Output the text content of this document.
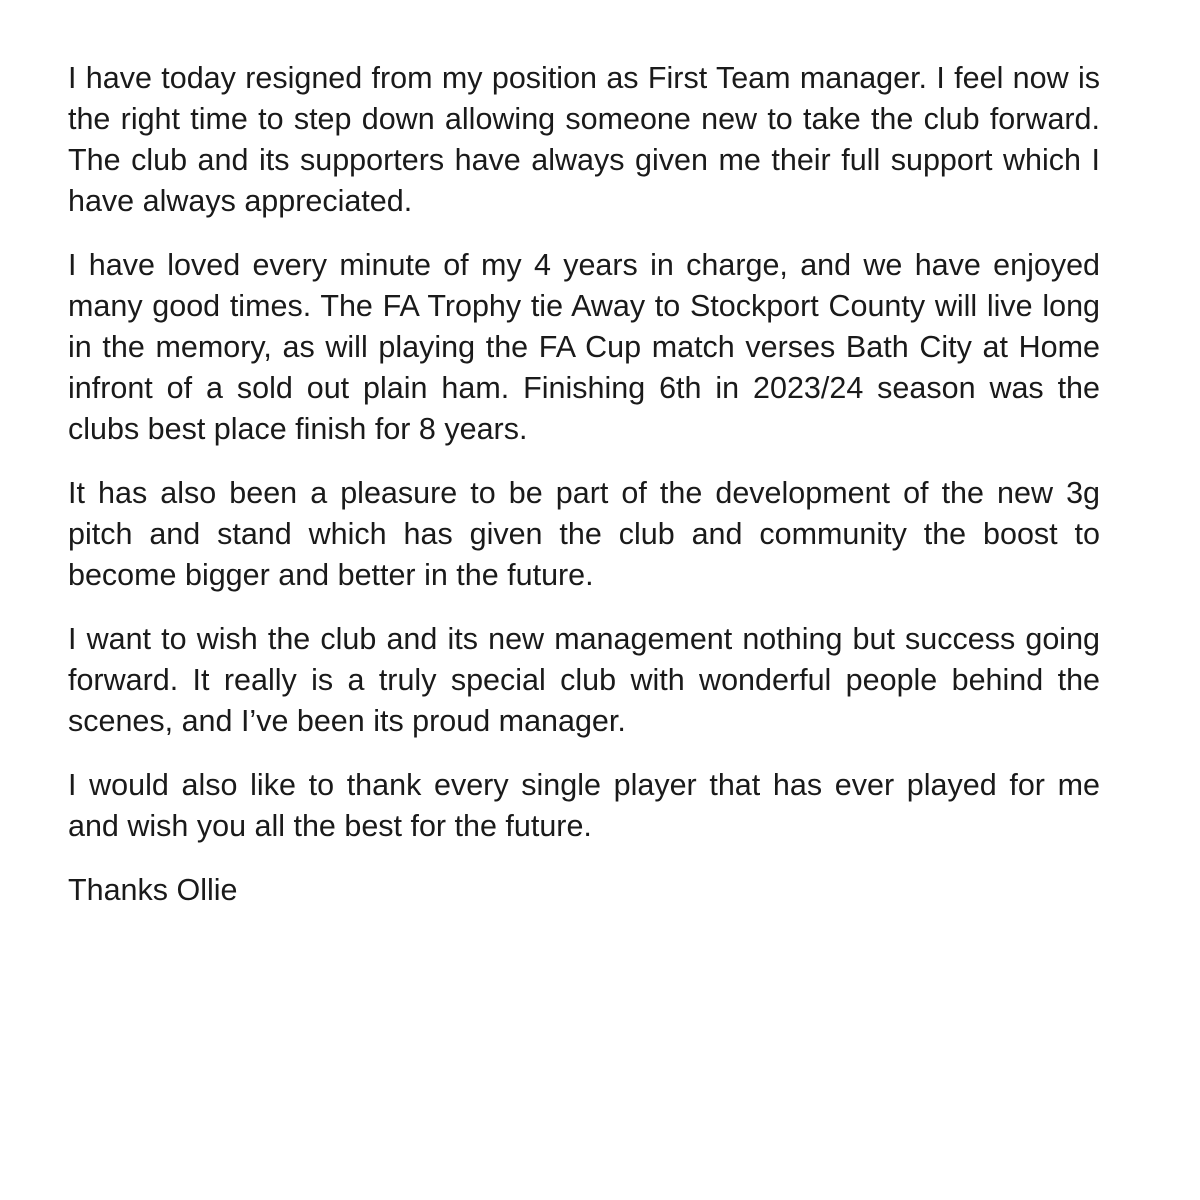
I have today resigned from my position as First Team manager. I feel now is the right time to step down allowing someone new to take the club forward. The club and its supporters have always given me their full support which I have always appreciated.

I have loved every minute of my 4 years in charge, and we have enjoyed many good times. The FA Trophy tie Away to Stockport County will live long in the memory, as will playing the FA Cup match verses Bath City at Home infront of a sold out plain ham. Finishing 6th in 2023/24 season was the clubs best place finish for 8 years.

It has also been a pleasure to be part of the development of the new 3g pitch and stand which has given the club and community the boost to become bigger and better in the future.

I want to wish the club and its new management nothing but success going forward. It really is a truly special club with wonderful people behind the scenes, and I’ve been its proud manager.

I would also like to thank every single player that has ever played for me and wish you all the best for the future.

Thanks Ollie
